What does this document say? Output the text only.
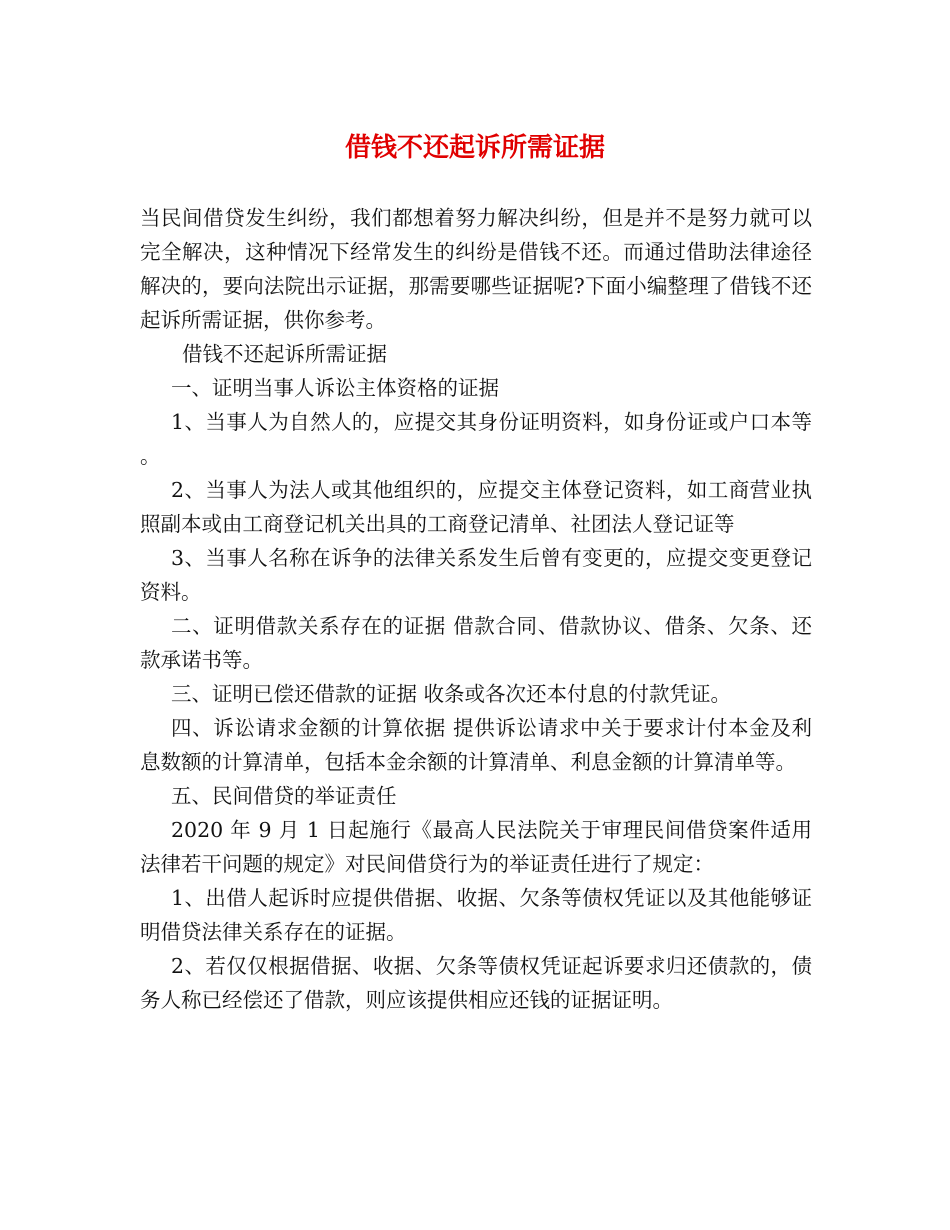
借钱不还起诉所需证据

当民间借贷发生纠纷，我们都想着努力解决纠纷，但是并不是努力就可以完全解决，这种情况下经常发生的纠纷是借钱不还。而通过借助法律途径解决的，要向法院出示证据，那需要哪些证据呢?下面小编整理了借钱不还起诉所需证据，供你参考。

借钱不还起诉所需证据

一、证明当事人诉讼主体资格的证据

1、当事人为自然人的，应提交其身份证明资料，如身份证或户口本等。

2、当事人为法人或其他组织的，应提交主体登记资料，如工商营业执照副本或由工商登记机关出具的工商登记清单、社团法人登记证等

3、当事人名称在诉争的法律关系发生后曾有变更的，应提交变更登记资料。

二、证明借款关系存在的证据 借款合同、借款协议、借条、欠条、还款承诺书等。

三、证明已偿还借款的证据 收条或各次还本付息的付款凭证。

四、诉讼请求金额的计算依据 提供诉讼请求中关于要求计付本金及利息数额的计算清单，包括本金余额的计算清单、利息金额的计算清单等。

五、民间借贷的举证责任

2020 年 9 月 1 日起施行《最高人民法院关于审理民间借贷案件适用法律若干问题的规定》对民间借贷行为的举证责任进行了规定：

1、出借人起诉时应提供借据、收据、欠条等债权凭证以及其他能够证明借贷法律关系存在的证据。

2、若仅仅根据借据、收据、欠条等债权凭证起诉要求归还债款的，债务人称已经偿还了借款，则应该提供相应还钱的证据证明。
